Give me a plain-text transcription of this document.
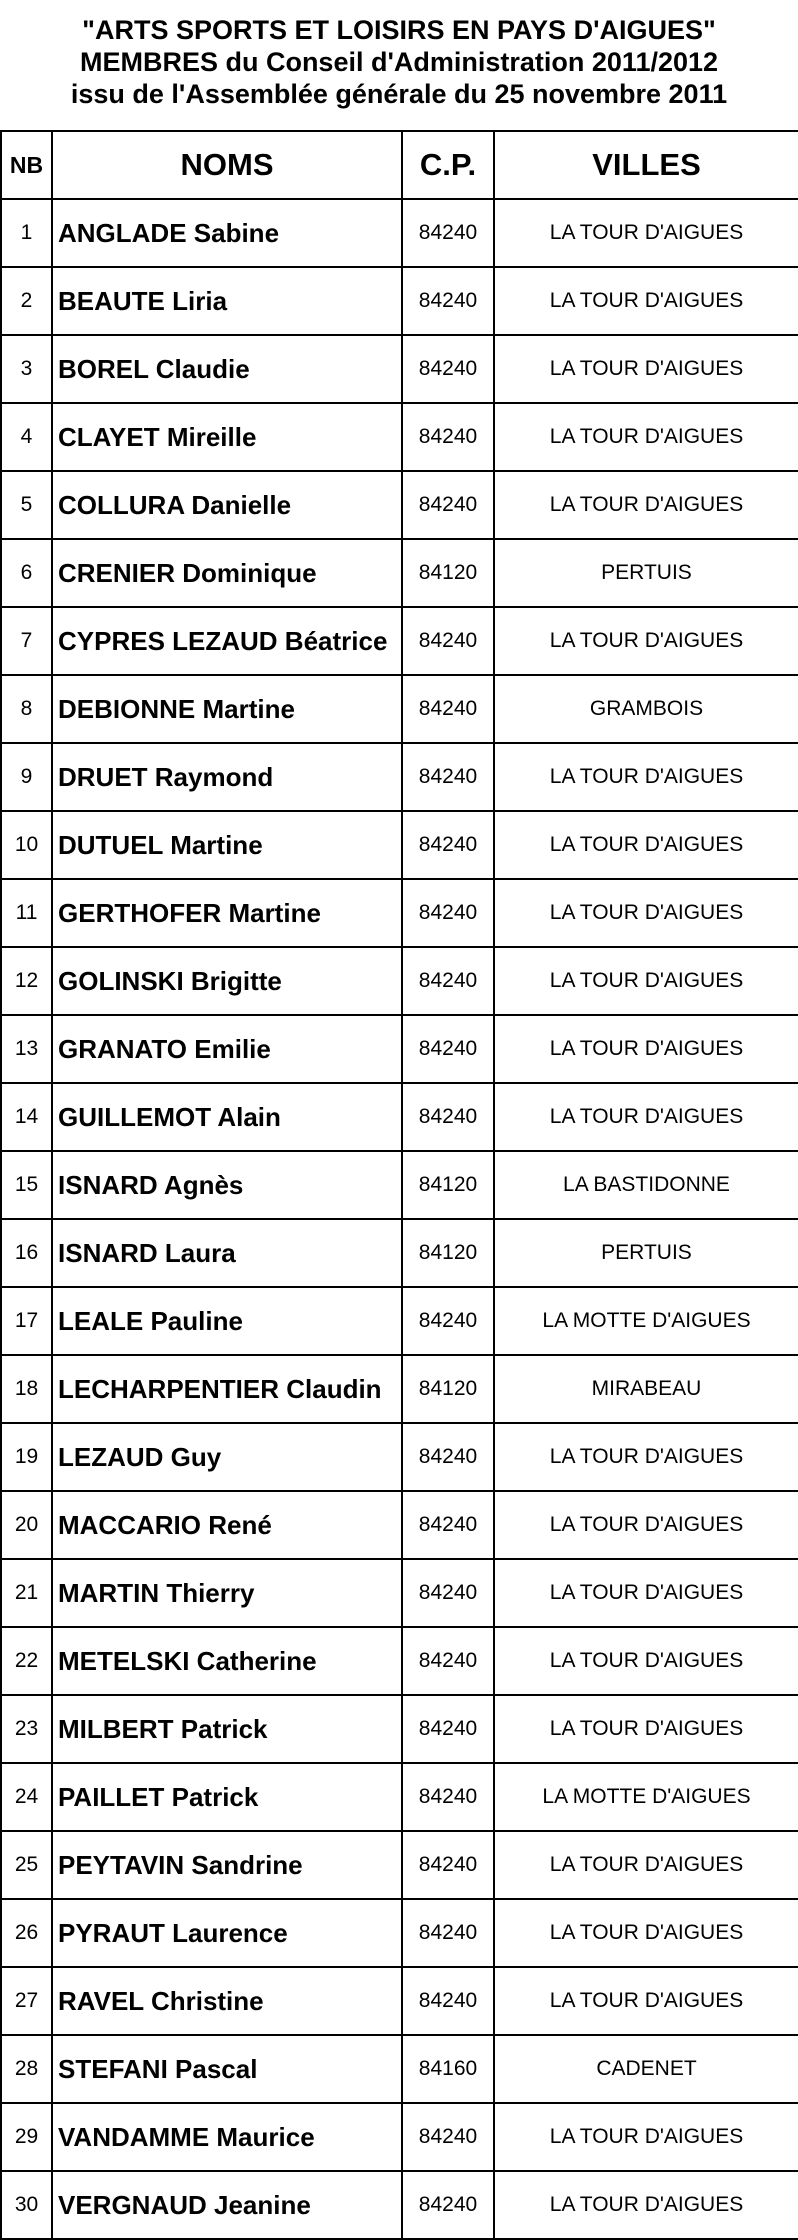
"ARTS SPORTS ET LOISIRS EN PAYS D'AIGUES"
MEMBRES du Conseil d'Administration 2011/2012
issu de l'Assemblée générale du 25 novembre 2011
NB	NOMS	C.P.	VILLES
1	ANGLADE Sabine	84240	LA TOUR D'AIGUES
2	BEAUTE Liria	84240	LA TOUR D'AIGUES
3	BOREL Claudie	84240	LA TOUR D'AIGUES
4	CLAYET Mireille	84240	LA TOUR D'AIGUES
5	COLLURA Danielle	84240	LA TOUR D'AIGUES
6	CRENIER Dominique	84120	PERTUIS
7	CYPRES LEZAUD Béatrice	84240	LA TOUR D'AIGUES
8	DEBIONNE Martine	84240	GRAMBOIS
9	DRUET Raymond	84240	LA TOUR D'AIGUES
10	DUTUEL Martine	84240	LA TOUR D'AIGUES
11	GERTHOFER Martine	84240	LA TOUR D'AIGUES
12	GOLINSKI Brigitte	84240	LA TOUR D'AIGUES
13	GRANATO Emilie	84240	LA TOUR D'AIGUES
14	GUILLEMOT Alain	84240	LA TOUR D'AIGUES
15	ISNARD Agnès	84120	LA BASTIDONNE
16	ISNARD Laura	84120	PERTUIS
17	LEALE Pauline	84240	LA MOTTE D'AIGUES
18	LECHARPENTIER Claudin	84120	MIRABEAU
19	LEZAUD Guy	84240	LA TOUR D'AIGUES
20	MACCARIO René	84240	LA TOUR D'AIGUES
21	MARTIN Thierry	84240	LA TOUR D'AIGUES
22	METELSKI Catherine	84240	LA TOUR D'AIGUES
23	MILBERT Patrick	84240	LA TOUR D'AIGUES
24	PAILLET Patrick	84240	LA MOTTE D'AIGUES
25	PEYTAVIN Sandrine	84240	LA TOUR D'AIGUES
26	PYRAUT Laurence	84240	LA TOUR D'AIGUES
27	RAVEL Christine	84240	LA TOUR D'AIGUES
28	STEFANI Pascal	84160	CADENET
29	VANDAMME Maurice	84240	LA TOUR D'AIGUES
30	VERGNAUD Jeanine	84240	LA TOUR D'AIGUES
